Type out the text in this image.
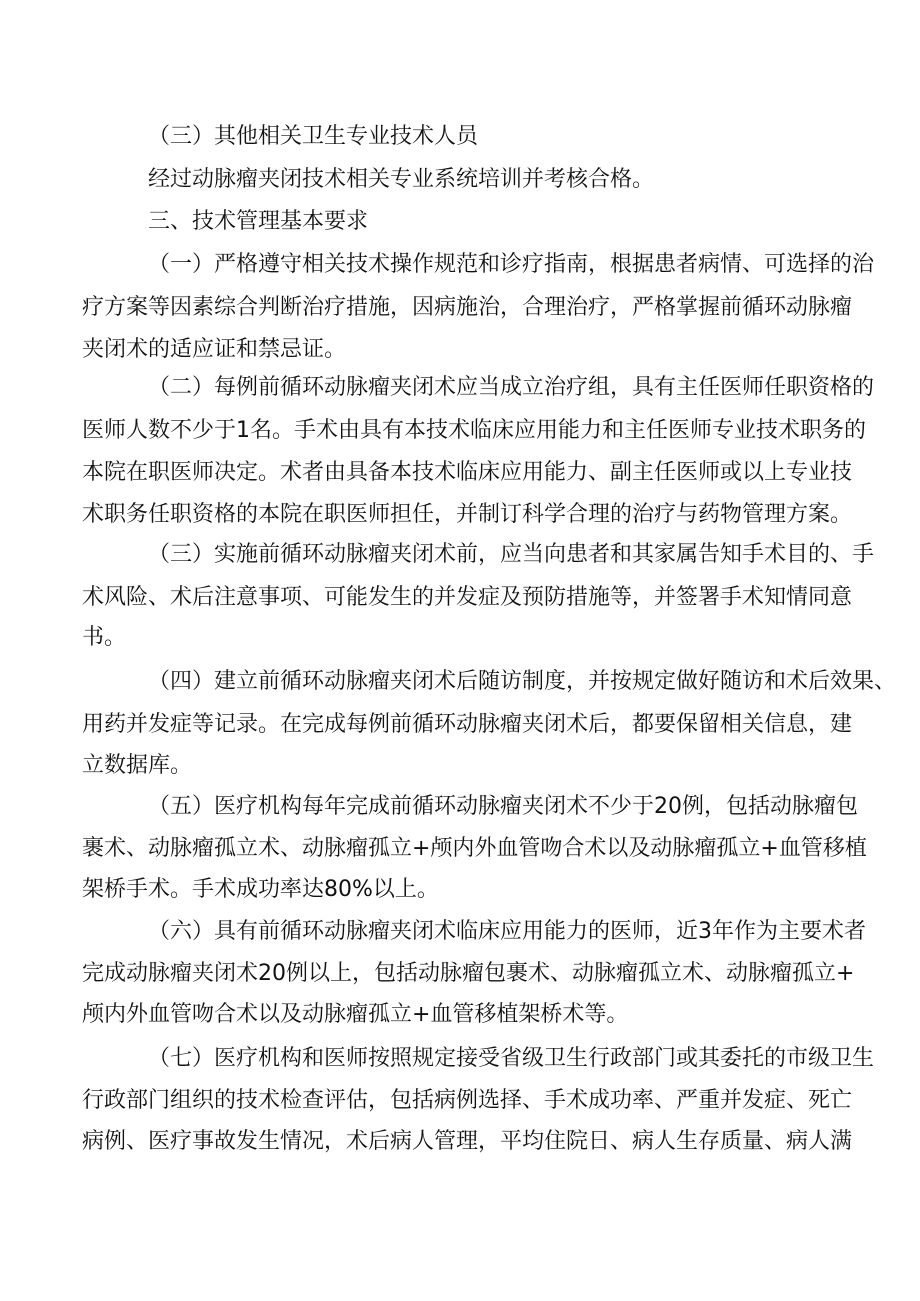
（三）其他相关卫生专业技术人员
经过动脉瘤夹闭技术相关专业系统培训并考核合格。
三、技术管理基本要求
（一）严格遵守相关技术操作规范和诊疗指南，根据患者病情、可选择的治
疗方案等因素综合判断治疗措施，因病施治，合理治疗，严格掌握前循环动脉瘤
夹闭术的适应证和禁忌证。
（二）每例前循环动脉瘤夹闭术应当成立治疗组，具有主任医师任职资格的
医师人数不少于1名。手术由具有本技术临床应用能力和主任医师专业技术职务的
本院在职医师决定。术者由具备本技术临床应用能力、副主任医师或以上专业技
术职务任职资格的本院在职医师担任，并制订科学合理的治疗与药物管理方案。
（三）实施前循环动脉瘤夹闭术前，应当向患者和其家属告知手术目的、手
术风险、术后注意事项、可能发生的并发症及预防措施等，并签署手术知情同意
书。
（四）建立前循环动脉瘤夹闭术后随访制度，并按规定做好随访和术后效果、
用药并发症等记录。在完成每例前循环动脉瘤夹闭术后，都要保留相关信息，建
立数据库。
（五）医疗机构每年完成前循环动脉瘤夹闭术不少于20例，包括动脉瘤包
裹术、动脉瘤孤立术、动脉瘤孤立+颅内外血管吻合术以及动脉瘤孤立+血管移植
架桥手术。手术成功率达80%以上。
（六）具有前循环动脉瘤夹闭术临床应用能力的医师，近3年作为主要术者
完成动脉瘤夹闭术20例以上，包括动脉瘤包裹术、动脉瘤孤立术、动脉瘤孤立+
颅内外血管吻合术以及动脉瘤孤立+血管移植架桥术等。
（七）医疗机构和医师按照规定接受省级卫生行政部门或其委托的市级卫生
行政部门组织的技术检查评估，包括病例选择、手术成功率、严重并发症、死亡
病例、医疗事故发生情况，术后病人管理，平均住院日、病人生存质量、病人满
